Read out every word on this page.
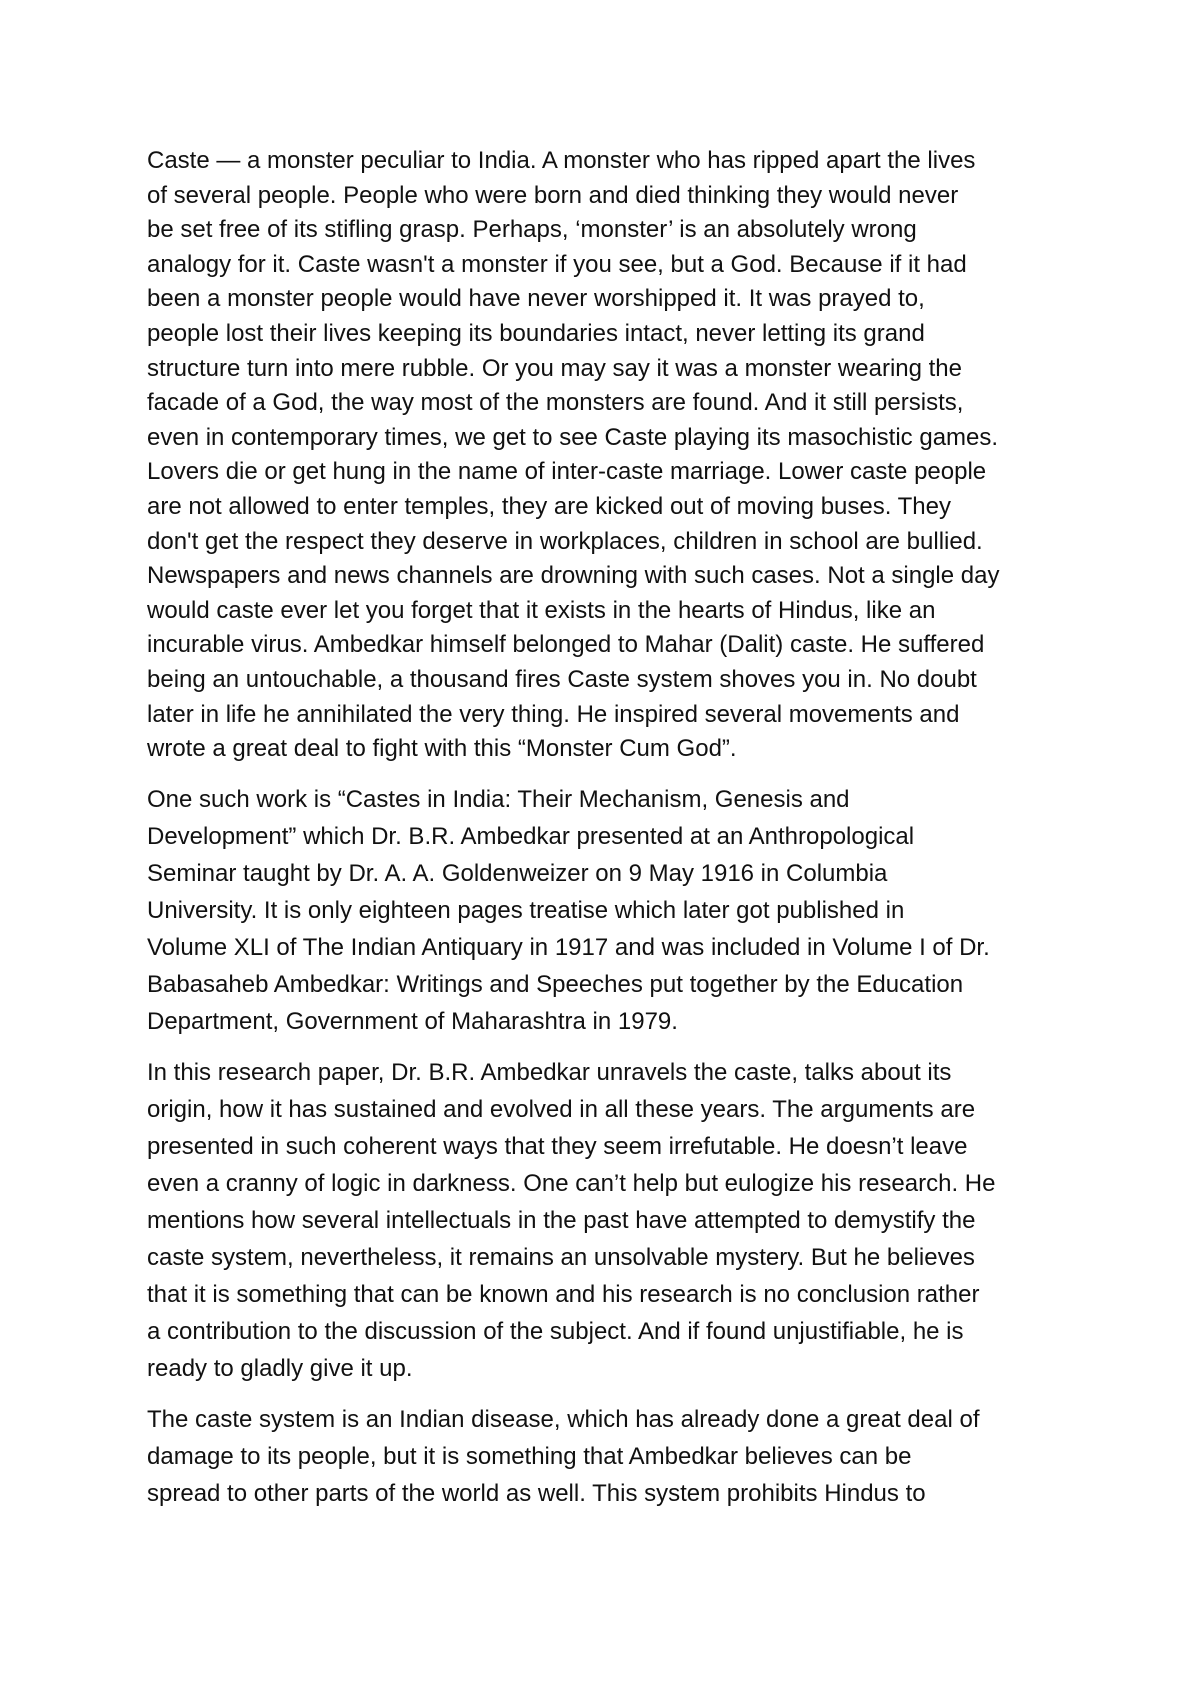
Caste — a monster peculiar to India. A monster who has ripped apart the lives
of several people. People who were born and died thinking they would never
be set free of its stifling grasp. Perhaps, ‘monster’ is an absolutely wrong
analogy for it. Caste wasn't a monster if you see, but a God. Because if it had
been a monster people would have never worshipped it. It was prayed to,
people lost their lives keeping its boundaries intact, never letting its grand
structure turn into mere rubble. Or you may say it was a monster wearing the
facade of a God, the way most of the monsters are found. And it still persists,
even in contemporary times, we get to see Caste playing its masochistic games.
Lovers die or get hung in the name of inter-caste marriage. Lower caste people
are not allowed to enter temples, they are kicked out of moving buses. They
don't get the respect they deserve in workplaces, children in school are bullied.
Newspapers and news channels are drowning with such cases. Not a single day
would caste ever let you forget that it exists in the hearts of Hindus, like an
incurable virus. Ambedkar himself belonged to Mahar (Dalit) caste. He suffered
being an untouchable, a thousand fires Caste system shoves you in. No doubt
later in life he annihilated the very thing. He inspired several movements and
wrote a great deal to fight with this “Monster Cum God”.

One such work is “Castes in India: Their Mechanism, Genesis and
Development” which Dr. B.R. Ambedkar presented at an Anthropological
Seminar taught by Dr. A. A. Goldenweizer on 9 May 1916 in Columbia
University. It is only eighteen pages treatise which later got published in
Volume XLI of The Indian Antiquary in 1917 and was included in Volume I of Dr.
Babasaheb Ambedkar: Writings and Speeches put together by the Education
Department, Government of Maharashtra in 1979.

In this research paper, Dr. B.R. Ambedkar unravels the caste, talks about its
origin, how it has sustained and evolved in all these years. The arguments are
presented in such coherent ways that they seem irrefutable. He doesn’t leave
even a cranny of logic in darkness. One can’t help but eulogize his research. He
mentions how several intellectuals in the past have attempted to demystify the
caste system, nevertheless, it remains an unsolvable mystery. But he believes
that it is something that can be known and his research is no conclusion rather
a contribution to the discussion of the subject. And if found unjustifiable, he is
ready to gladly give it up.

The caste system is an Indian disease, which has already done a great deal of
damage to its people, but it is something that Ambedkar believes can be
spread to other parts of the world as well. This system prohibits Hindus to
